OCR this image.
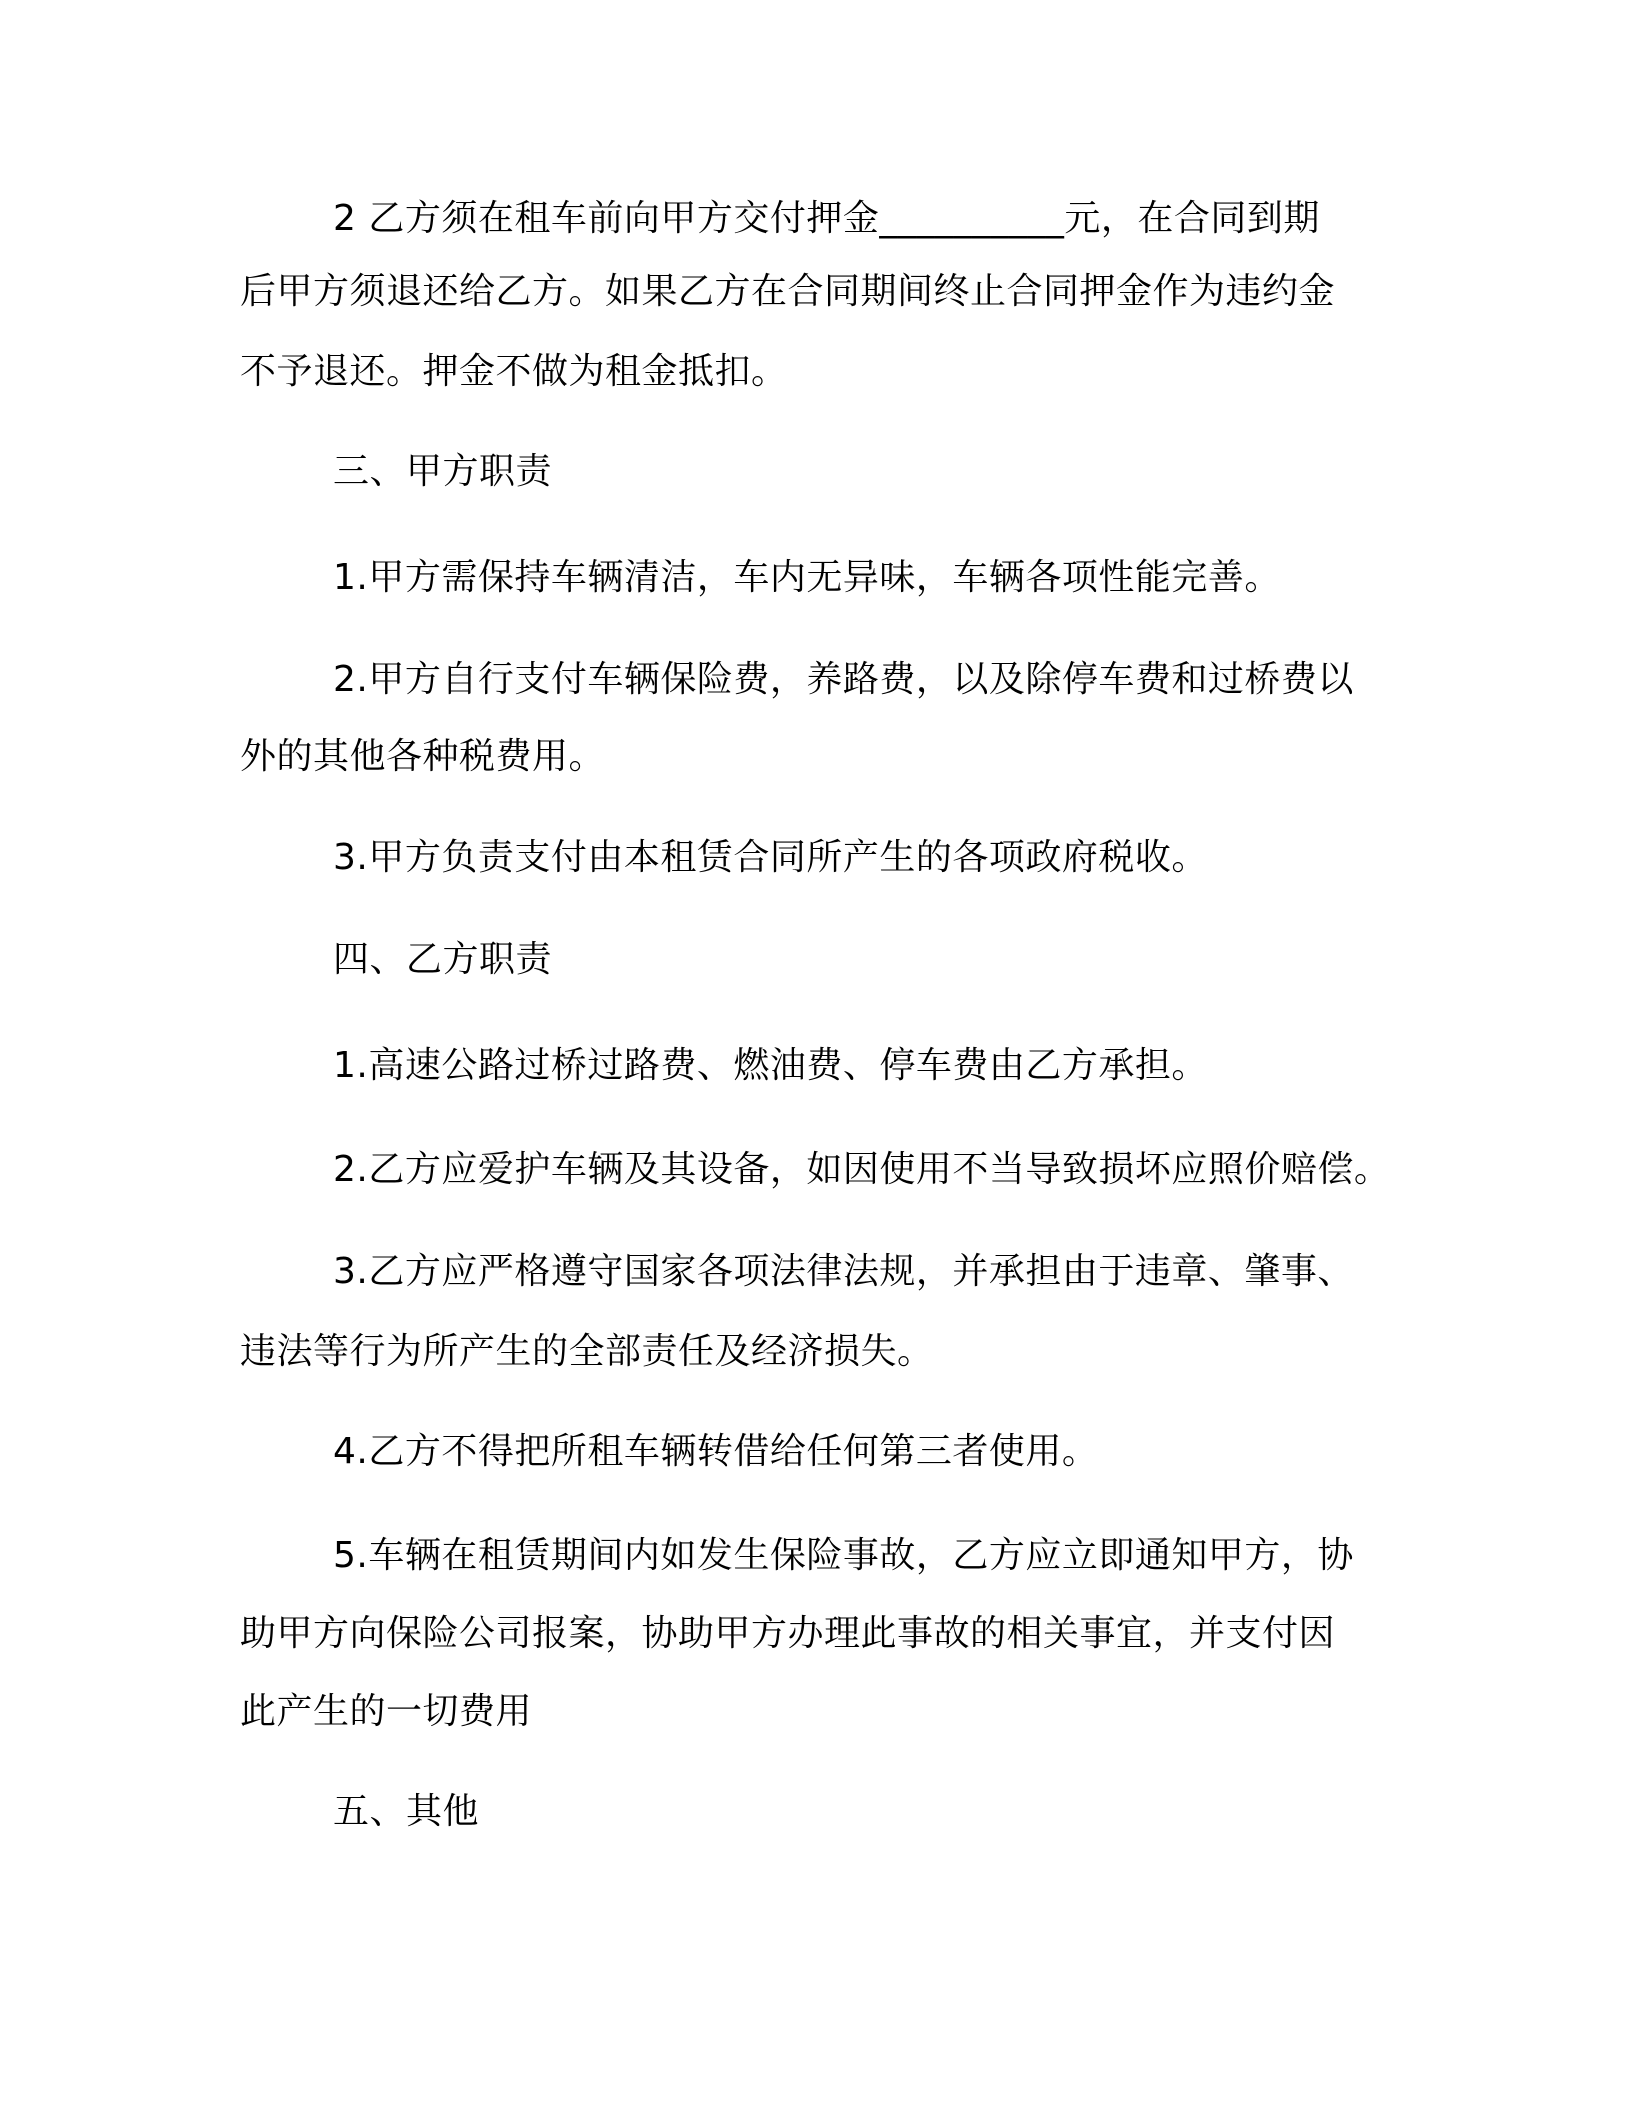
2 乙方须在租车前向甲方交付押金__________元，在合同到期
后甲方须退还给乙方。如果乙方在合同期间终止合同押金作为违约金
不予退还。押金不做为租金抵扣。
三、甲方职责
1.甲方需保持车辆清洁，车内无异味，车辆各项性能完善。
2.甲方自行支付车辆保险费，养路费，以及除停车费和过桥费以
外的其他各种税费用。
3.甲方负责支付由本租赁合同所产生的各项政府税收。
四、乙方职责
1.高速公路过桥过路费、燃油费、停车费由乙方承担。
2.乙方应爱护车辆及其设备，如因使用不当导致损坏应照价赔偿。
3.乙方应严格遵守国家各项法律法规，并承担由于违章、肇事、
违法等行为所产生的全部责任及经济损失。
4.乙方不得把所租车辆转借给任何第三者使用。
5.车辆在租赁期间内如发生保险事故，乙方应立即通知甲方，协
助甲方向保险公司报案，协助甲方办理此事故的相关事宜，并支付因
此产生的一切费用
五、其他
